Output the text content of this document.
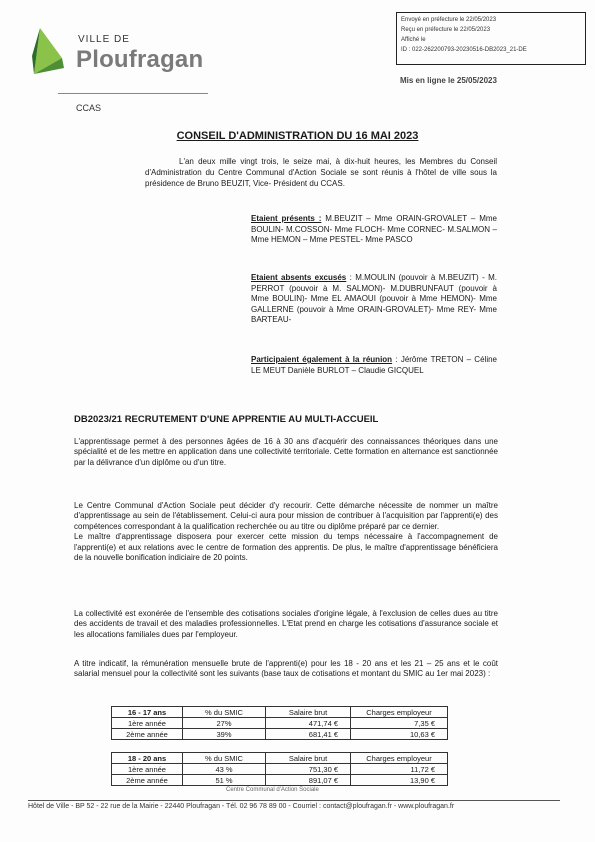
VILLE DE
Ploufragan
Envoyé en préfecture le 22/05/2023
Reçu en préfecture le 22/05/2023
Affiché le
ID : 022-262200793-20230516-DB2023_21-DE
Mis en ligne le 25/05/2023
CCAS
CONSEIL D'ADMINISTRATION DU 16 MAI 2023

L'an deux mille vingt trois, le seize mai, à dix-huit heures, les Membres du Conseil d'Administration du Centre Communal d'Action Sociale se sont réunis à l'hôtel de ville sous la présidence de Bruno BEUZIT, Vice- Président du CCAS.

Etaient présents : M.BEUZIT – Mme ORAIN-GROVALET – Mme BOULIN- M.COSSON- Mme FLOCH- Mme CORNEC- M.SALMON – Mme HEMON – Mme PESTEL- Mme PASCO

Etaient absents excusés : M.MOULIN (pouvoir à M.BEUZIT) - M. PERROT (pouvoir à M. SALMON)- M.DUBRUNFAUT (pouvoir à Mme BOULIN)- Mme EL AMAOUI (pouvoir à Mme HEMON)- Mme GALLERNE (pouvoir à Mme ORAIN-GROVALET)- Mme REY- Mme BARTEAU-

Participaient également à la réunion : Jérôme TRETON – Céline LE MEUT Danièle BURLOT – Claudie GICQUEL

DB2023/21 RECRUTEMENT D'UNE APPRENTIE AU MULTI-ACCUEIL

L'apprentissage permet à des personnes âgées de 16 à 30 ans d'acquérir des connaissances théoriques dans une spécialité et de les mettre en application dans une collectivité territoriale. Cette formation en alternance est sanctionnée par la délivrance d'un diplôme ou d'un titre.

Le Centre Communal d'Action Sociale peut décider d'y recourir. Cette démarche nécessite de nommer un maître d'apprentissage au sein de l'établissement. Celui-ci aura pour mission de contribuer à l'acquisition par l'apprenti(e) des compétences correspondant à la qualification recherchée ou au titre ou diplôme préparé par ce dernier.

Le maître d'apprentissage disposera pour exercer cette mission du temps nécessaire à l'accompagnement de l'apprenti(e) et aux relations avec le centre de formation des apprentis. De plus, le maître d'apprentissage bénéficiera de la nouvelle bonification indiciaire de 20 points.

La collectivité est exonérée de l'ensemble des cotisations sociales d'origine légale, à l'exclusion de celles dues au titre des accidents de travail et des maladies professionnelles. L'Etat prend en charge les cotisations d'assurance sociale et les allocations familiales dues par l'employeur.

A titre indicatif, la rémunération mensuelle brute de l'apprenti(e) pour les 18 - 20 ans et les 21 – 25 ans et le coût salarial mensuel pour la collectivité sont les suivants (base taux de cotisations et montant du SMIC au 1er mai 2023) :

16 - 17 ans	% du SMIC	Salaire brut	Charges employeur
1ère année	27%	471,74 €	7,35 €
2ème année	39%	681,41 €	10,63 €
18 - 20 ans	% du SMIC	Salaire brut	Charges employeur
1ère année	43 %	751,30 €	11,72 €
2ème année	51 %	891,07 €	13,90 €
Centre Communal d'Action Sociale
Hôtel de Ville - BP 52 - 22 rue de la Mairie - 22440 Ploufragan - Tél. 02 96 78 89 00 - Courriel : contact@ploufragan.fr - www.ploufragan.fr
